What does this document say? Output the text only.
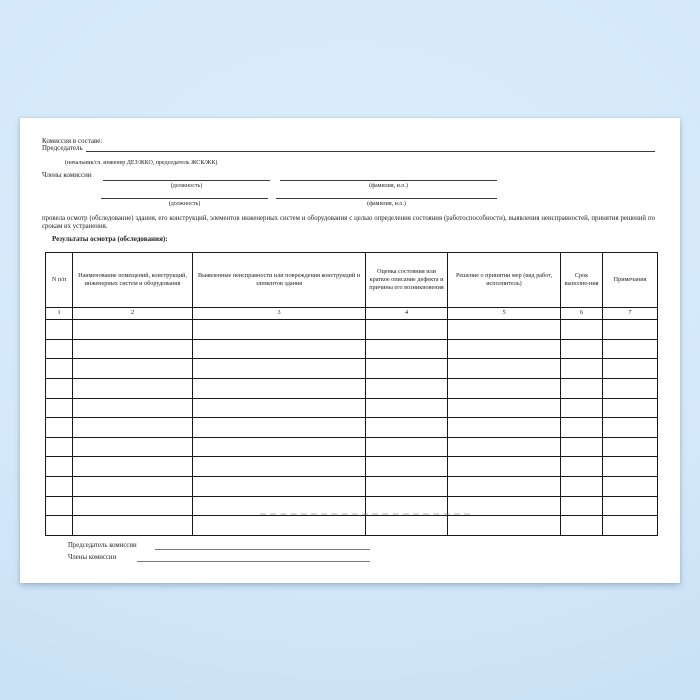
Комиссия в составе:
Председатель
(начальник/гл. инженер ДЕЗ/ЖКО, председатель ЖСК/ЖК)
Члены комиссии
(должность)	(фамилия, и.о.)
(должность)	(фамилия, и.о.)
провела осмотр (обследование) здания, его конструкций, элементов инженерных систем и оборудования с целью определения состояния (работоспособности), выявления неисправностей, принятия решений по срокам их устранения.
Результаты осмотра (обследования):
N п/п	Наименование помещений, конструкций, инженерных систем и оборудования	Выявленные неисправности или повреждения конструкций и элементов здания	Оценка состояния или краткое описание дефекта и причины его возникновения	Решение о принятии мер (вид работ, исполнитель)	Срок выполне-ния	Примечания
1	2	3	4	5	6	7

Председатель комиссии
Члены комиссии
